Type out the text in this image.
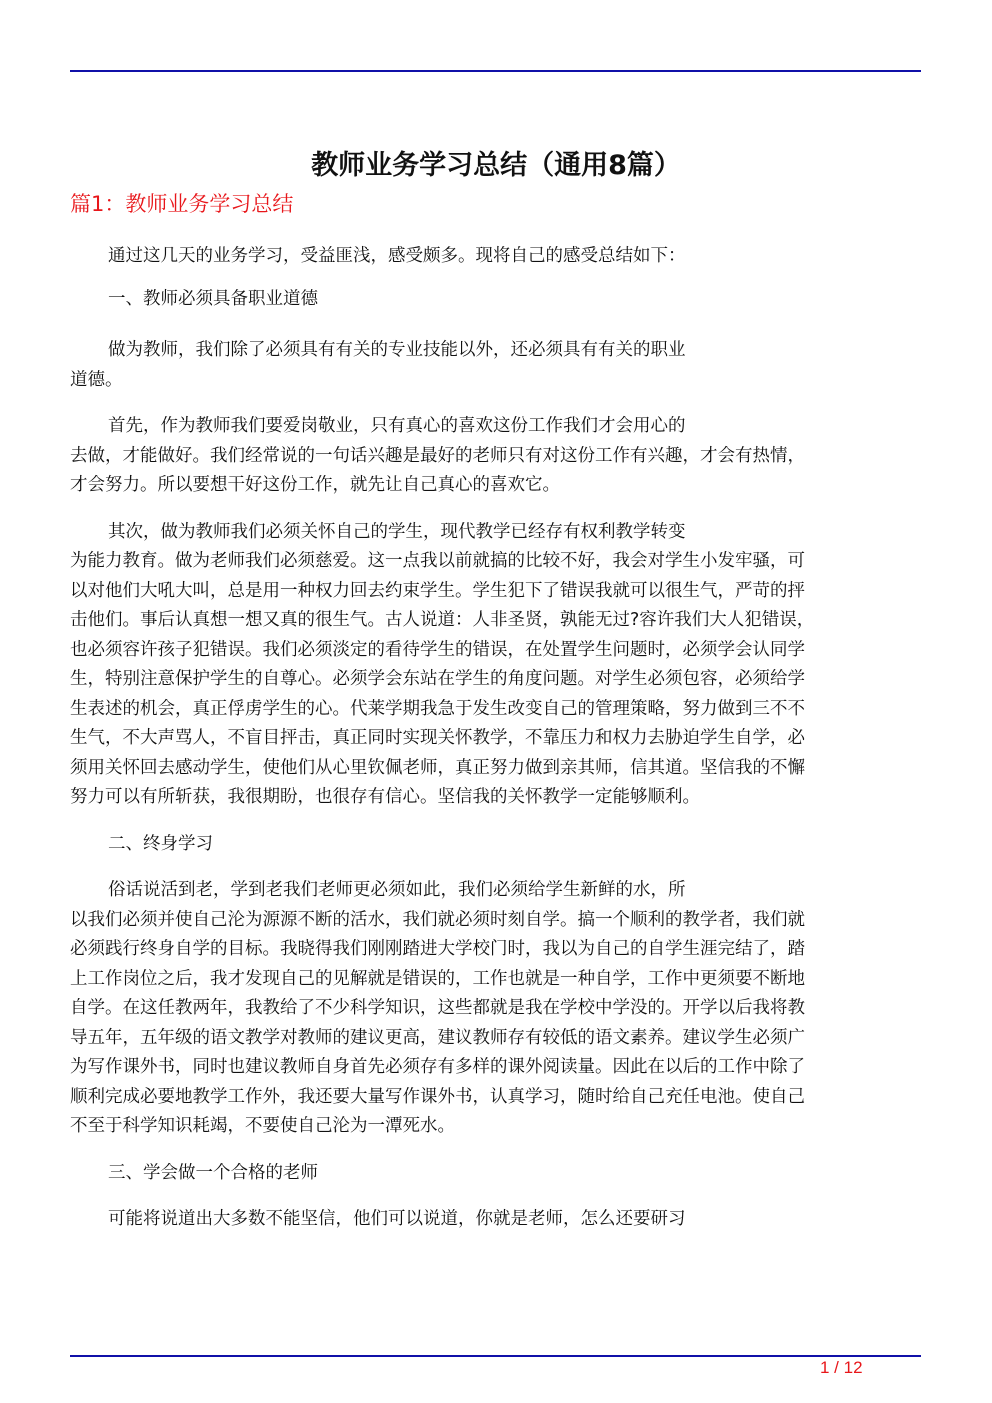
教师业务学习总结（通用8篇）
篇1：教师业务学习总结

通过这几天的业务学习，受益匪浅，感受颇多。现将自己的感受总结如下：

一、教师必须具备职业道德

做为教师，我们除了必须具有有关的专业技能以外，还必须具有有关的职业
道德。

首先，作为教师我们要爱岗敬业，只有真心的喜欢这份工作我们才会用心的
去做，才能做好。我们经常说的一句话兴趣是最好的老师只有对这份工作有兴趣，才会有热情，
才会努力。所以要想干好这份工作，就先让自己真心的喜欢它。

其次，做为教师我们必须关怀自己的学生，现代教学已经存有权利教学转变
为能力教育。做为老师我们必须慈爱。这一点我以前就搞的比较不好，我会对学生小发牢骚，可
以对他们大吼大叫，总是用一种权力回去约束学生。学生犯下了错误我就可以很生气，严苛的抨
击他们。事后认真想一想又真的很生气。古人说道：人非圣贤，孰能无过?容许我们大人犯错误，
也必须容许孩子犯错误。我们必须淡定的看待学生的错误，在处置学生问题时，必须学会认同学
生，特别注意保护学生的自尊心。必须学会东站在学生的角度问题。对学生必须包容，必须给学
生表述的机会，真正俘虏学生的心。代莱学期我急于发生改变自己的管理策略，努力做到三不不
生气，不大声骂人，不盲目抨击，真正同时实现关怀教学，不靠压力和权力去胁迫学生自学，必
须用关怀回去感动学生，使他们从心里钦佩老师，真正努力做到亲其师，信其道。坚信我的不懈
努力可以有所斩获，我很期盼，也很存有信心。坚信我的关怀教学一定能够顺利。

二、终身学习

俗话说活到老，学到老我们老师更必须如此，我们必须给学生新鲜的水，所
以我们必须并使自己沦为源源不断的活水，我们就必须时刻自学。搞一个顺利的教学者，我们就
必须践行终身自学的目标。我晓得我们刚刚踏进大学校门时，我以为自己的自学生涯完结了，踏
上工作岗位之后，我才发现自己的见解就是错误的，工作也就是一种自学，工作中更须要不断地
自学。在这任教两年，我教给了不少科学知识，这些都就是我在学校中学没的。开学以后我将教
导五年，五年级的语文教学对教师的建议更高，建议教师存有较低的语文素养。建议学生必须广
为写作课外书，同时也建议教师自身首先必须存有多样的课外阅读量。因此在以后的工作中除了
顺利完成必要地教学工作外，我还要大量写作课外书，认真学习，随时给自己充任电池。使自己
不至于科学知识耗竭，不要使自己沦为一潭死水。

三、学会做一个合格的老师

可能将说道出大多数不能坚信，他们可以说道，你就是老师，怎么还要研习

1 / 12
